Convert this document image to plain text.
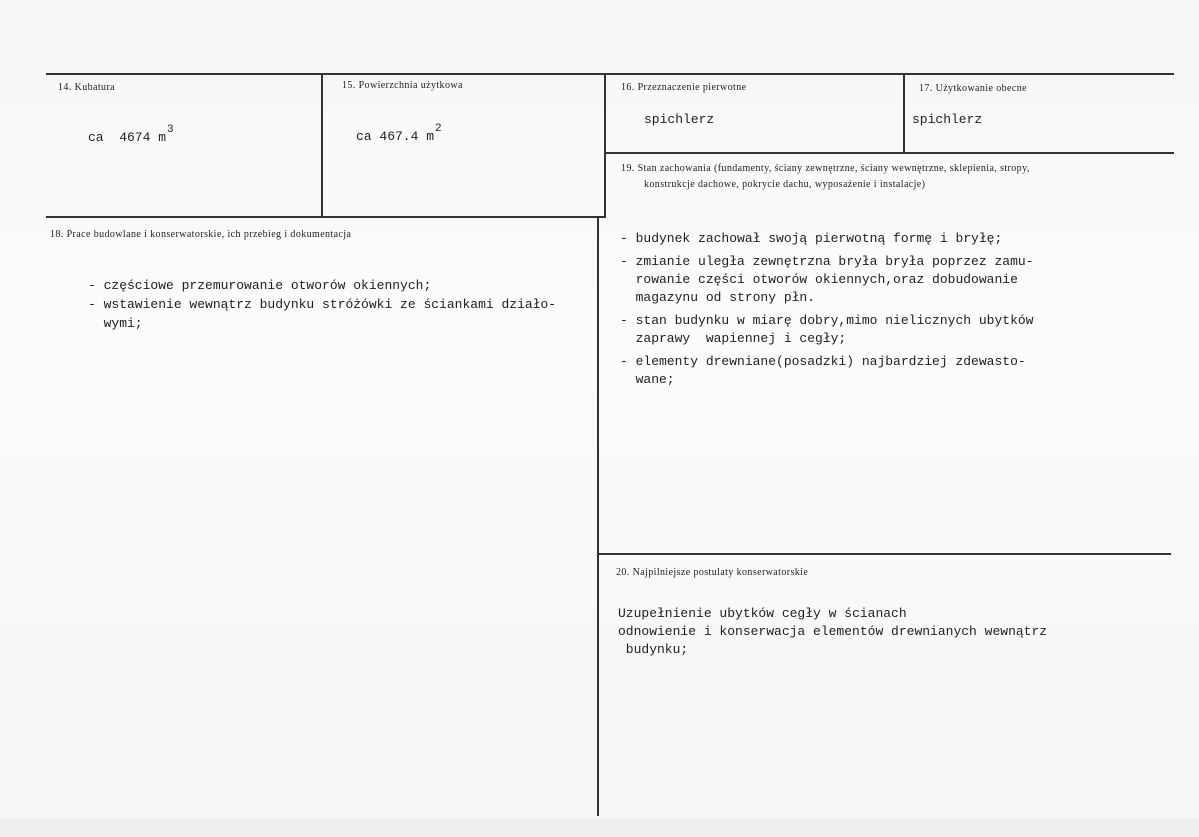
14. Kubatura
ca  4674 $m^3$
15. Powierzchnia użytkowa
ca 467.4 $m^2$
16. Przeznaczenie pierwotne
spichlerz
17. Użytkowanie obecne
spichlerz
18. Prace budowlane i konserwatorskie, ich przebieg i dokumentacja
- częściowe przemurowanie otworów okiennych;
- wstawienie wewnątrz budynku stróżówki ze ściankami działo-
wymi;
19. Stan zachowania (fundamenty, ściany zewnętrzne, ściany wewnętrzne, sklepienia, stropy,
konstrukcje dachowe, pokrycie dachu, wyposażenie i instalacje)
- budynek zachował swoją pierwotną formę i bryłę;
- zmianie uległa zewnętrzna bryła bryła poprzez zamu-
rowanie części otworów okiennych,oraz dobudowanie
magazynu od strony płn.
- stan budynku w miarę dobry,mimo nielicznych ubytków
zaprawy  wapiennej i cegły;
- elementy drewniane(posadzki) najbardziej zdewasto-
wane;
20. Najpilniejsze postulaty konserwatorskie
Uzupełnienie ubytków cegły w ścianach
odnowienie i konserwacja elementów drewnianych wewnątrz
budynku;
